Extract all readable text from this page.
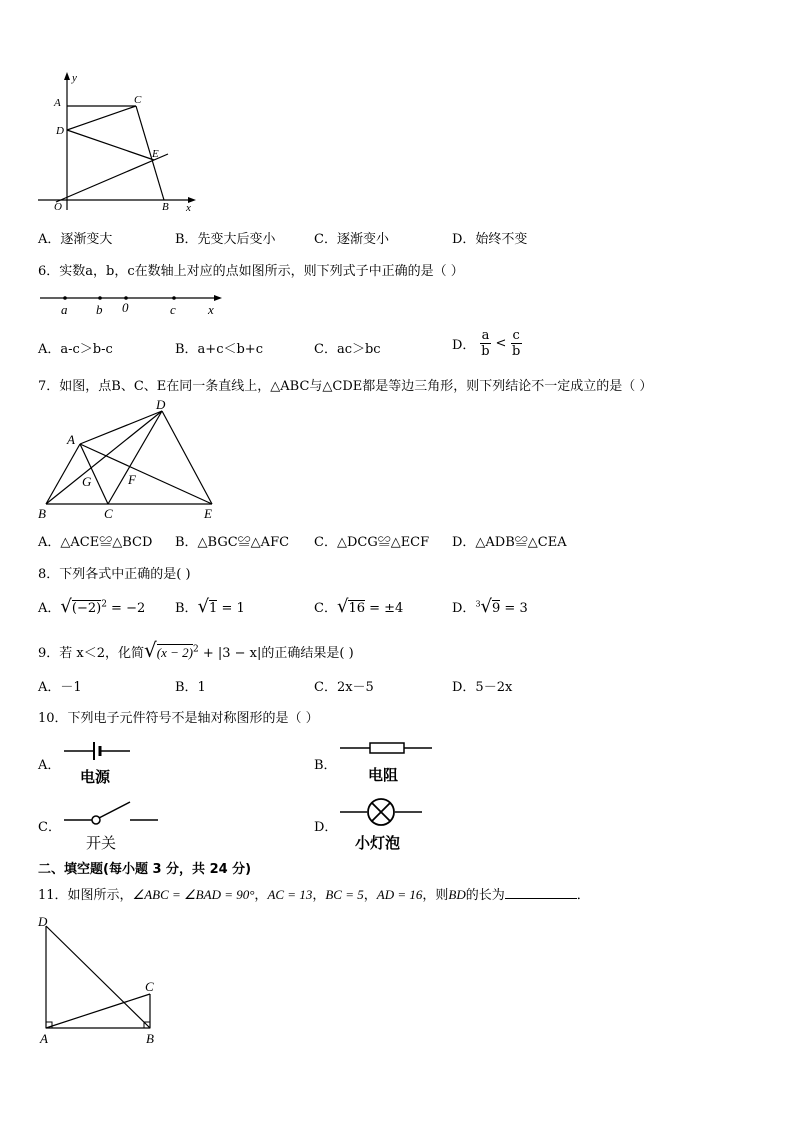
y
x
A	C
D
E
O	B
A．逐渐变大	B．先变大后变小	C．逐渐变小	D．始终不变
6．实数a，b，c在数轴上对应的点如图所示，则下列式子中正确的是（ ）
a b 0	c x
A．a-c＞b-c	B．a+c＜b+c	C．ac＞bc	D． $\frac{a}{b} < \frac{c}{b}$
7．如图，点B、C、E在同一条直线上，△ABC与△CDE都是等边三角形，则下列结论不一定成立的是（ ）
D
A
G	F
B	C	E
A．△ACE≌△BCD B．△BGC≌△AFC C．△DCG≌△ECF D．△ADB≌△CEA
8．下列各式中正确的是( )
A．$√(-2)^2 = -2$ B．√1 = 1	C．√16 = ±4	D．$^3$√9 = 3
9．若 x＜2，化简$√(x - 2)^2 + |3 - x|$的正确结果是( )
A．－1	B．1	C．2x－5	D．5－2x
10．下列电子元件符号不是轴对称图形的是（ ）
A．
电源
B．
电阻
C．
开关
D．
小灯泡
二、填空题(每小题 3 分，共 24 分)
11．如图所示，∠ABC = ∠BAD = 90°，AC = 13，BC = 5，AD = 16，则BD的长为	．
D
C
A	B
